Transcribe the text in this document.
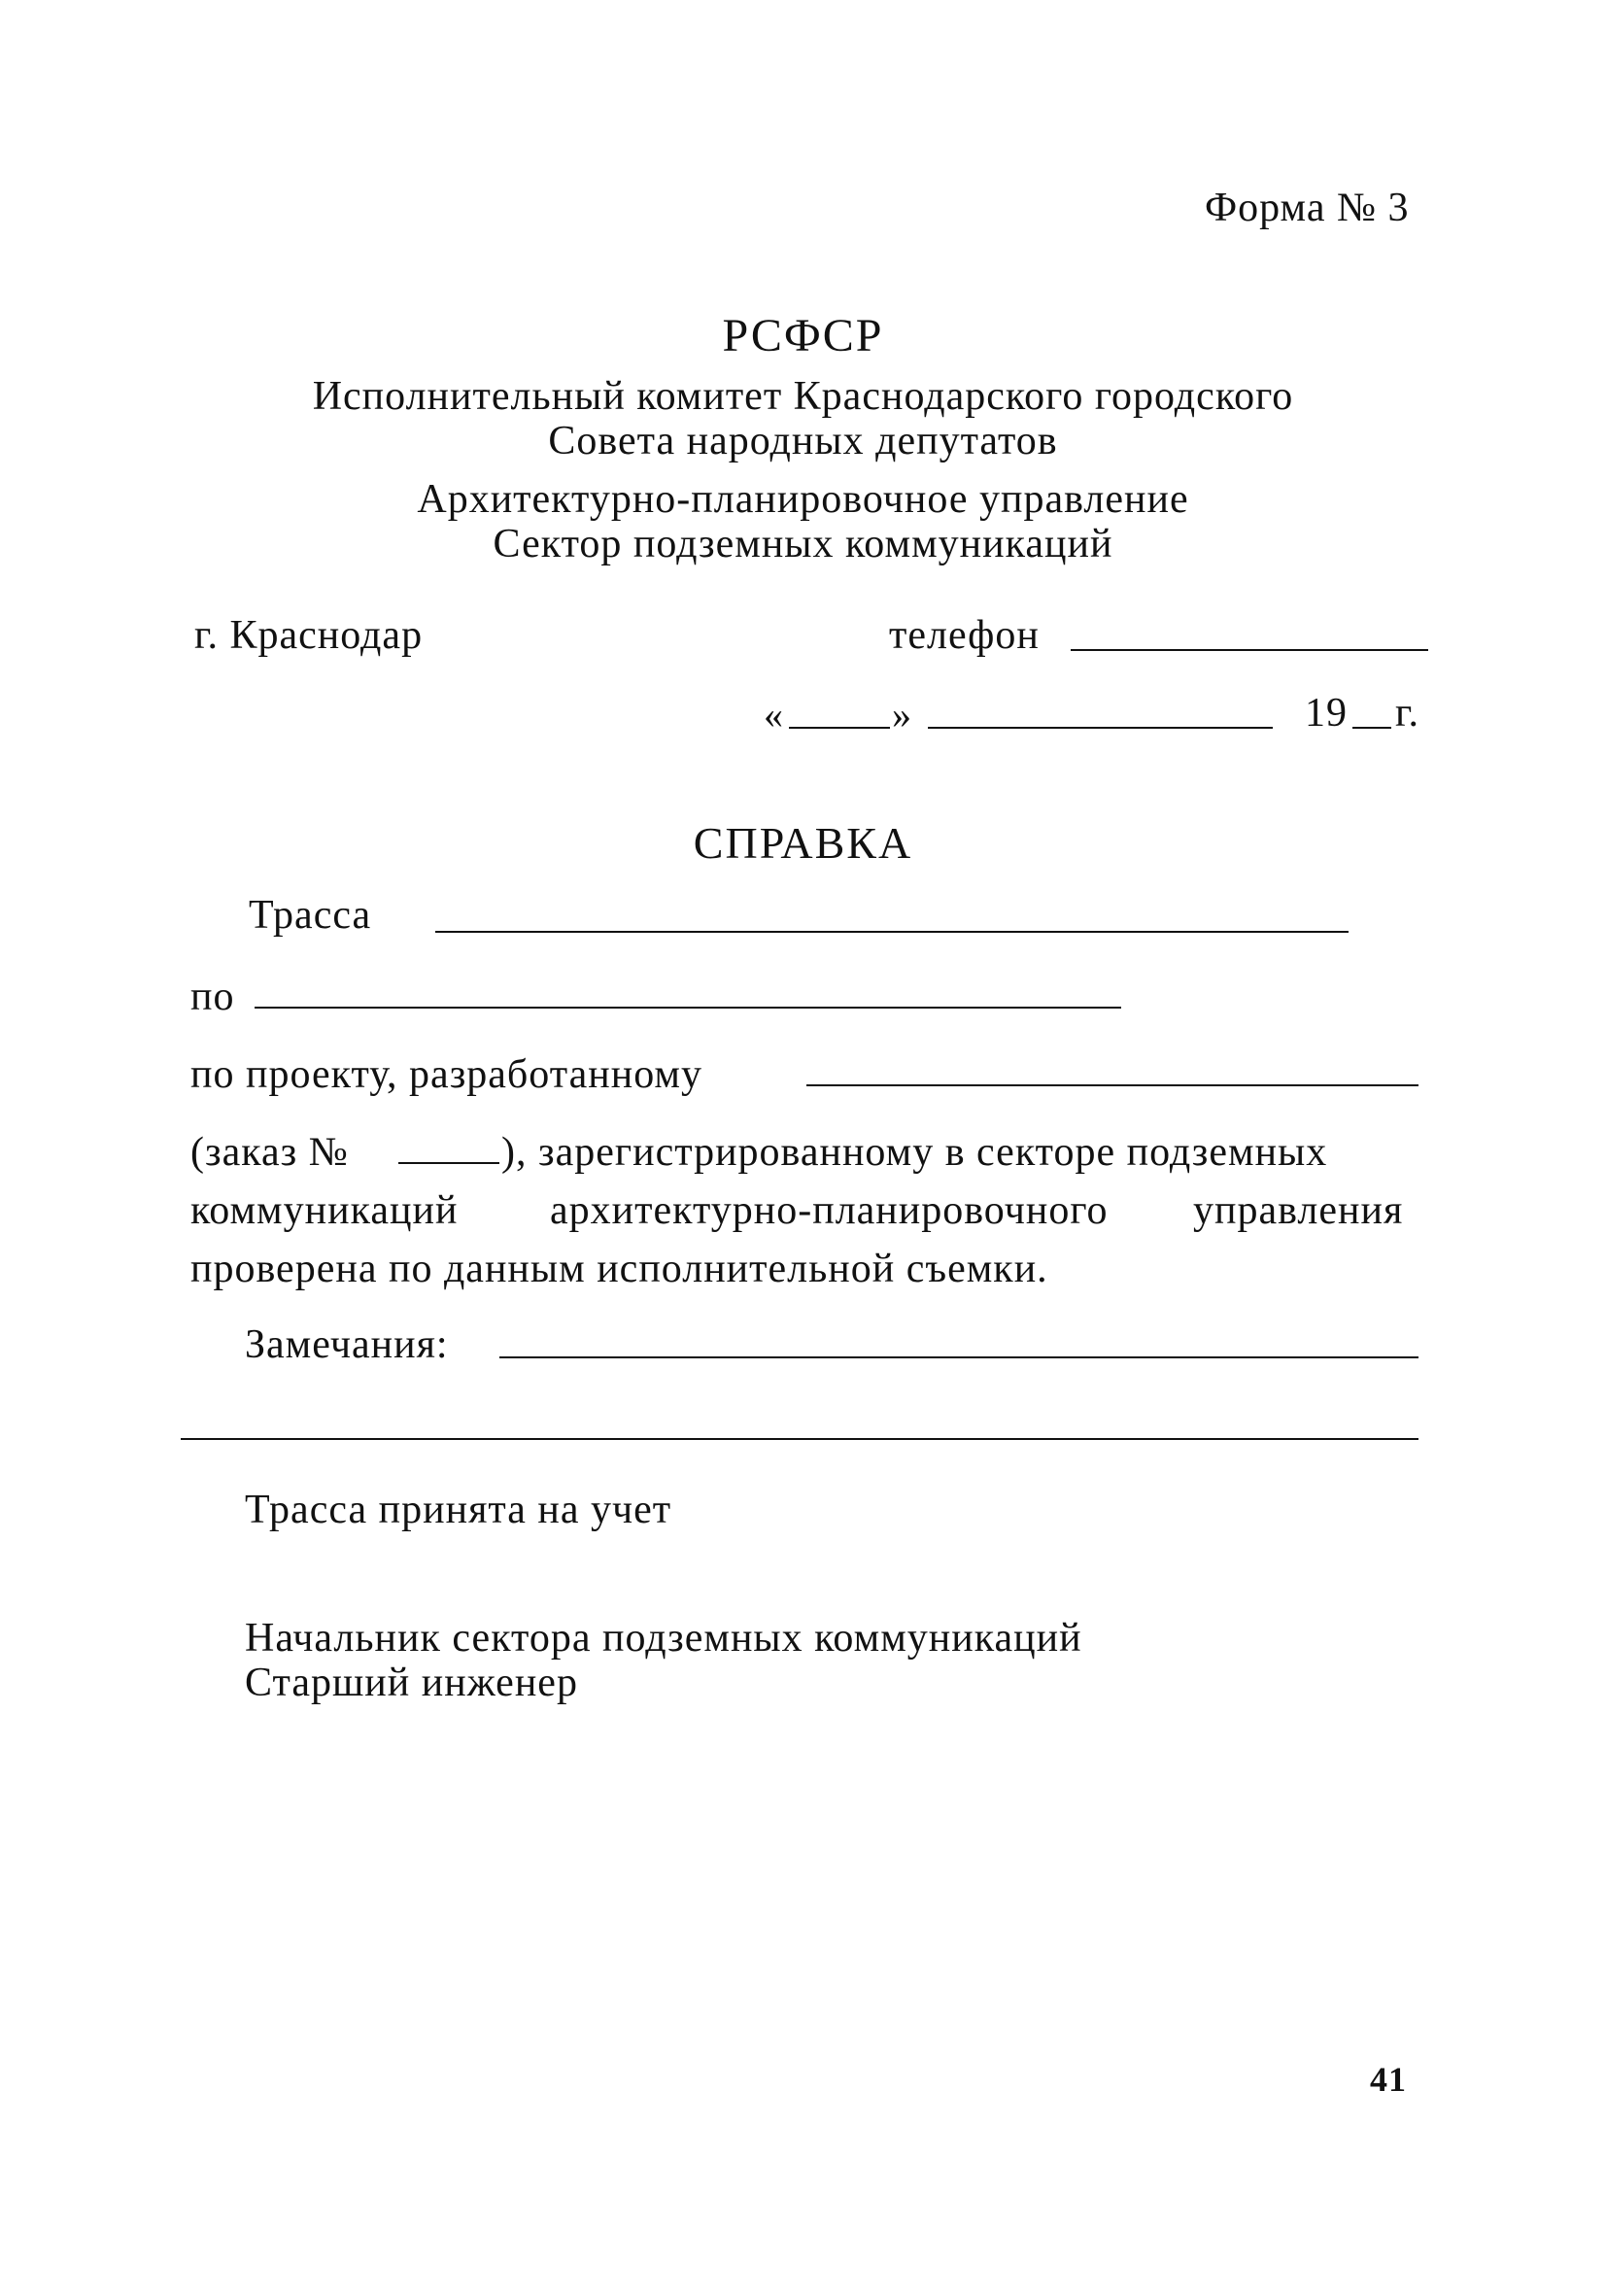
Форма № 3
РСФСР
Исполнительный комитет Краснодарского городского
Совета народных депутатов
Архитектурно-планировочное управление
Сектор подземных коммуникаций
г. Краснодар	телефон
«	»	19 г.
СПРАВКА
Трасса
по
по проекту, разработанному
(заказ №	), зарегистрированному в секторе подземных
коммуникаций архитектурно-планировочного управления
проверена по данным исполнительной съемки.
Замечания:
Трасса принята на учет
Начальник сектора подземных коммуникаций
Старший инженер
41
